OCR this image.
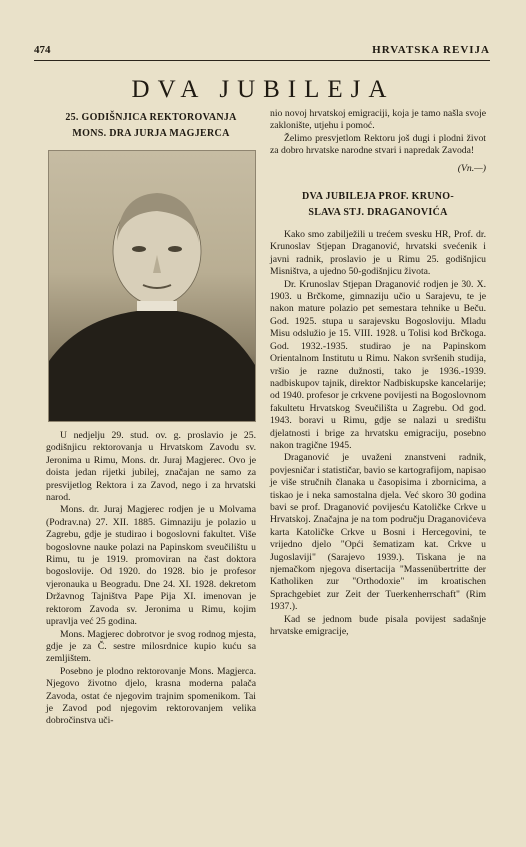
474	HRVATSKA REVIJA
DVA JUBILEJA
25. GODIŠNJICA REKTOROVANJA
MONS. DRA JURJA MAGJERCA

U nedjelju 29. stud. ov. g. proslavio je 25. godišnjicu rektorovanja u Hrvatskom Zavodu sv. Jeronima u Rimu, Mons. dr. Juraj Magjerec. Ovo je doista jedan rijetki jubilej, značajan ne samo za presvijetlog Rektora i za Zavod, nego i za hrvatski narod.

Mons. dr. Juraj Magjerec rodjen je u Molvama (Podrav.na) 27. XII. 1885. Gimnaziju je polazio u Zagrebu, gdje je studirao i bogoslovni fakultet. Više bogoslovne nauke polazi na Papinskom sveučilištu u Rimu, tu je 1919. promoviran na čast doktora bogoslovije. Od 1920. do 1928. bio je profesor vjeronauka u Beogradu. Dne 24. XI. 1928. dekretom Državnog Tajništva Pape Pija XI. imenovan je rektorom Zavoda sv. Jeronima u Rimu, kojim upravlja već 25 godina.

Mons. Magjerec dobrotvor je svog rodnog mjesta, gdje je za Č. sestre milosrdnice kupio kuću sa zemljištem.

Posebno je plodno rektorovanje Mons. Magjerca. Njegovo životno djelo, krasna moderna palača Zavoda, ostat će njegovim trajnim spomenikom. Tai je Zavod pod njegovim rektorovanjem velika dobročinstva uči-

nio novoj hrvatskoj emigraciji, koja je tamo našla svoje zaklonište, utjehu i pomoć.

Želimo presvjetlom Rektoru još dugi i plodni život za dobro hrvatske narodne stvari i napredak Zavoda!

(Vn.—)
DVA JUBILEJA PROF. KRUNO-
SLAVA STJ. DRAGANOVIĆA

Kako smo zabilježili u trećem svesku HR, Prof. dr. Krunoslav Stjepan Draganović, hrvatski svećenik i javni radnik, proslavio je u Rimu 25. godišnjicu Misništva, a ujedno 50-godišnjicu života.

Dr. Krunoslav Stjepan Draganović rodjen je 30. X. 1903. u Brčkome, gimnaziju učio u Sarajevu, te je nakon mature polazio pet semestara tehnike u Beču. God. 1925. stupa u sarajevsku Bogosloviju. Mladu Misu odslužio je 15. VIII. 1928. u Tolisi kod Brčkoga. God. 1932.-1935. studirao je na Papinskom Orientalnom Institutu u Rimu. Nakon svršenih studija, vršio je razne dužnosti, tako je 1936.-1939. nadbiskupov tajnik, direktor Nadbiskupske kancelarije; od 1940. profesor je crkvene povijesti na Bogoslovnom fakultetu Hrvatskog Sveučilišta u Zagrebu. Od god. 1943. boravi u Rimu, gdje se nalazi u središtu djelatnosti i brige za hrvatsku emigraciju, posebno nakon tragične 1945.

Draganović je uvaženi znanstveni radnik, povjesničar i statističar, bavio se kartografijom, napisao je više stručnih članaka u časopisima i zbornicima, a tiskao je i neka samostalna djela. Već skoro 30 godina bavi se prof. Draganović povijesću Katoličke Crkve u Hrvatskoj. Značajna je na tom području Draganovićeva karta Katoličke Crkve u Bosni i Hercegovini, te vrijedno djelo "Opći šematizam kat. Crkve u Jugoslaviji" (Sarajevo 1939.). Tiskana je na njemačkom njegova disertacija "Massenübertritte der Katholiken zur "Orthodoxie" im kroatischen Sprachgebiet zur Zeit der Tuerkenherrschaft" (Rim 1937.).

Kad se jednom bude pisala povijest sadašnje hrvatske emigracije,
